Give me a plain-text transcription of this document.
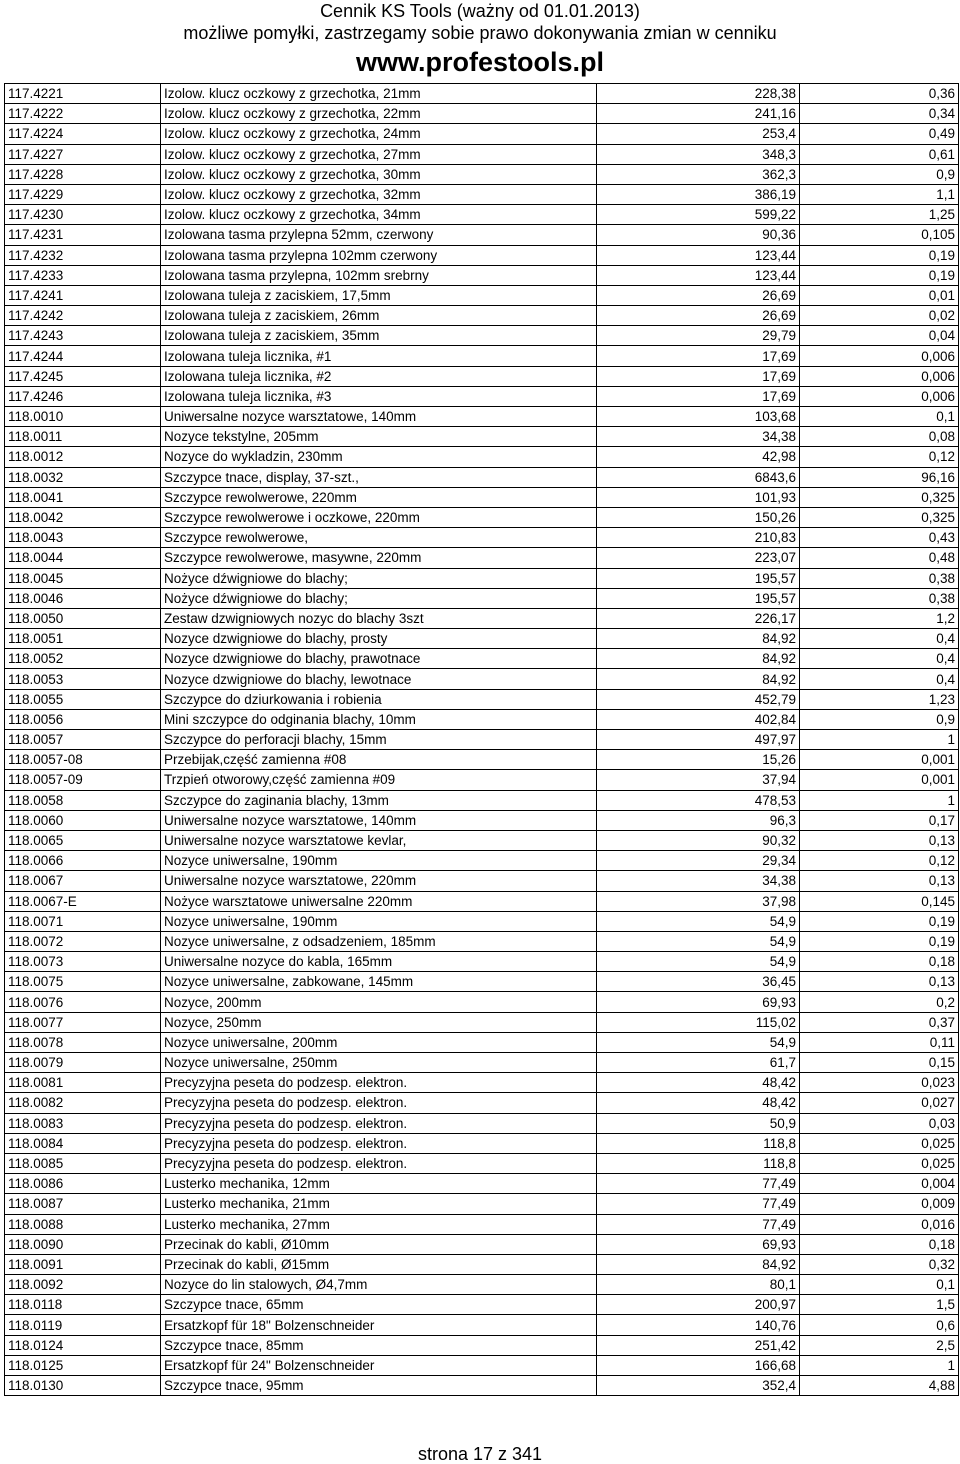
Cennik KS Tools (ważny od 01.01.2013)
możliwe pomyłki, zastrzegamy sobie prawo dokonywania zmian w cenniku
www.profestools.pl
117.4221	Izolow. klucz oczkowy z grzechotka, 21mm	228,38	0,36
117.4222	Izolow. klucz oczkowy z grzechotka, 22mm	241,16	0,34
117.4224	Izolow. klucz oczkowy z grzechotka, 24mm	253,4	0,49
117.4227	Izolow. klucz oczkowy z grzechotka, 27mm	348,3	0,61
117.4228	Izolow. klucz oczkowy z grzechotka, 30mm	362,3	0,9
117.4229	Izolow. klucz oczkowy z grzechotka, 32mm	386,19	1,1
117.4230	Izolow. klucz oczkowy z grzechotka, 34mm	599,22	1,25
117.4231	Izolowana tasma przylepna 52mm, czerwony	90,36	0,105
117.4232	Izolowana tasma przylepna 102mm czerwony	123,44	0,19
117.4233	Izolowana tasma przylepna, 102mm srebrny	123,44	0,19
117.4241	Izolowana tuleja z zaciskiem, 17,5mm	26,69	0,01
117.4242	Izolowana tuleja z zaciskiem, 26mm	26,69	0,02
117.4243	Izolowana tuleja z zaciskiem, 35mm	29,79	0,04
117.4244	Izolowana tuleja licznika, #1	17,69	0,006
117.4245	Izolowana tuleja licznika, #2	17,69	0,006
117.4246	Izolowana tuleja licznika, #3	17,69	0,006
118.0010	Uniwersalne nozyce warsztatowe, 140mm	103,68	0,1
118.0011	Nozyce tekstylne, 205mm	34,38	0,08
118.0012	Nozyce do wykladzin, 230mm	42,98	0,12
118.0032	Szczypce tnace, display, 37-szt.,	6843,6	96,16
118.0041	Szczypce rewolwerowe, 220mm	101,93	0,325
118.0042	Szczypce rewolwerowe i oczkowe, 220mm	150,26	0,325
118.0043	Szczypce rewolwerowe,	210,83	0,43
118.0044	Szczypce rewolwerowe, masywne, 220mm	223,07	0,48
118.0045	Nożyce dźwigniowe do blachy;	195,57	0,38
118.0046	Nożyce dźwigniowe do blachy;	195,57	0,38
118.0050	Zestaw dzwigniowych nozyc do blachy 3szt	226,17	1,2
118.0051	Nozyce dzwigniowe do blachy, prosty	84,92	0,4
118.0052	Nozyce dzwigniowe do blachy, prawotnace	84,92	0,4
118.0053	Nozyce dzwigniowe do blachy, lewotnace	84,92	0,4
118.0055	Szczypce do dziurkowania i robienia	452,79	1,23
118.0056	Mini szczypce do odginania blachy, 10mm	402,84	0,9
118.0057	Szczypce do perforacji blachy, 15mm	497,97	1
118.0057-08	Przebijak,część zamienna #08	15,26	0,001
118.0057-09	Trzpień otworowy,część zamienna #09	37,94	0,001
118.0058	Szczypce do zaginania blachy, 13mm	478,53	1
118.0060	Uniwersalne nozyce warsztatowe, 140mm	96,3	0,17
118.0065	Uniwersalne nozyce warsztatowe kevlar,	90,32	0,13
118.0066	Nozyce uniwersalne, 190mm	29,34	0,12
118.0067	Uniwersalne nozyce warsztatowe, 220mm	34,38	0,13
118.0067-E	Nożyce warsztatowe uniwersalne 220mm	37,98	0,145
118.0071	Nozyce uniwersalne, 190mm	54,9	0,19
118.0072	Nozyce uniwersalne, z odsadzeniem, 185mm	54,9	0,19
118.0073	Uniwersalne nozyce do kabla, 165mm	54,9	0,18
118.0075	Nozyce uniwersalne, zabkowane, 145mm	36,45	0,13
118.0076	Nozyce, 200mm	69,93	0,2
118.0077	Nozyce, 250mm	115,02	0,37
118.0078	Nozyce uniwersalne, 200mm	54,9	0,11
118.0079	Nozyce uniwersalne, 250mm	61,7	0,15
118.0081	Precyzyjna peseta do podzesp. elektron.	48,42	0,023
118.0082	Precyzyjna peseta do podzesp. elektron.	48,42	0,027
118.0083	Precyzyjna peseta do podzesp. elektron.	50,9	0,03
118.0084	Precyzyjna peseta do podzesp. elektron.	118,8	0,025
118.0085	Precyzyjna peseta do podzesp. elektron.	118,8	0,025
118.0086	Lusterko mechanika, 12mm	77,49	0,004
118.0087	Lusterko mechanika, 21mm	77,49	0,009
118.0088	Lusterko mechanika, 27mm	77,49	0,016
118.0090	Przecinak do kabli, Ø10mm	69,93	0,18
118.0091	Przecinak do kabli, Ø15mm	84,92	0,32
118.0092	Nozyce do lin stalowych, Ø4,7mm	80,1	0,1
118.0118	Szczypce tnace, 65mm	200,97	1,5
118.0119	Ersatzkopf für 18" Bolzenschneider	140,76	0,6
118.0124	Szczypce tnace, 85mm	251,42	2,5
118.0125	Ersatzkopf für 24" Bolzenschneider	166,68	1
118.0130	Szczypce tnace, 95mm	352,4	4,88
strona 17 z 341
